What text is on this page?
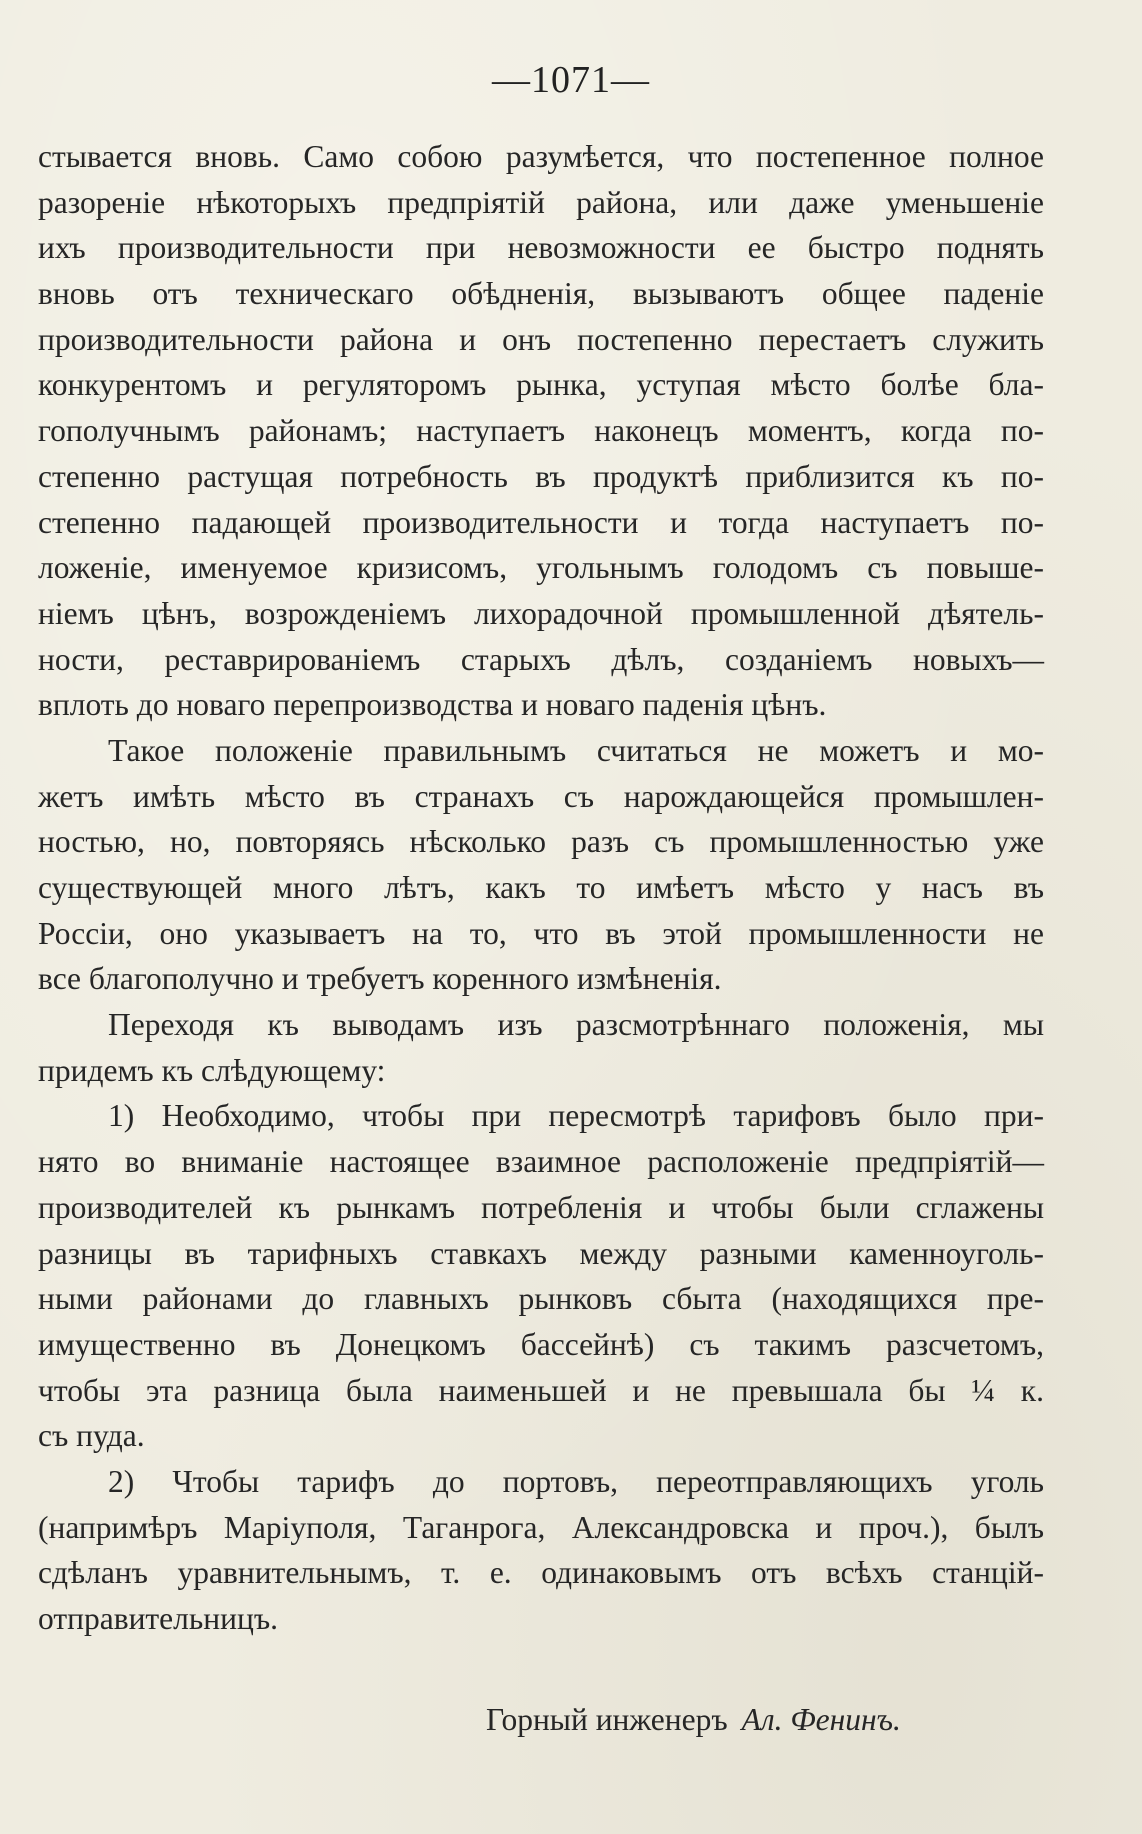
—1071—
стывается вновь. Само собою разумѣется, что постепенное полное
разореніе нѣкоторыхъ предпріятій района, или даже уменьшеніе
ихъ производительности при невозможности ее быстро поднять
вновь отъ техническаго обѣдненія, вызываютъ общее паденіе
производительности района и онъ постепенно перестаетъ служить
конкурентомъ и регуляторомъ рынка, уступая мѣсто болѣе бла-
гополучнымъ районамъ; наступаетъ наконецъ моментъ, когда по-
степенно растущая потребность въ продуктѣ приблизится къ по-
степенно падающей производительности и тогда наступаетъ по-
ложеніе, именуемое кризисомъ, угольнымъ голодомъ съ повыше-
ніемъ цѣнъ, возрожденіемъ лихорадочной промышленной дѣятель-
ности, реставрированіемъ старыхъ дѣлъ, созданіемъ новыхъ—
вплоть до новаго перепроизводства и новаго паденія цѣнъ.
Такое положеніе правильнымъ считаться не можетъ и мо-
жетъ имѣть мѣсто въ странахъ съ нарождающейся промышлен-
ностью, но, повторяясь нѣсколько разъ съ промышленностью уже
существующей много лѣтъ, какъ то имѣетъ мѣсто у насъ въ
Россіи, оно указываетъ на то, что въ этой промышленности не
все благополучно и требуетъ коренного измѣненія.
Переходя къ выводамъ изъ разсмотрѣннаго положенія, мы
придемъ къ слѣдующему:
1) Необходимо, чтобы при пересмотрѣ тарифовъ было при-
нято во вниманіе настоящее взаимное расположеніе предпріятій—
производителей къ рынкамъ потребленія и чтобы были сглажены
разницы въ тарифныхъ ставкахъ между разными каменноуголь-
ными районами до главныхъ рынковъ сбыта (находящихся пре-
имущественно въ Донецкомъ бассейнѣ) съ такимъ разсчетомъ,
чтобы эта разница была наименьшей и не превышала бы ¼ к.
съ пуда.
2) Чтобы тарифъ до портовъ, переотправляющихъ уголь
(напримѣръ Маріуполя, Таганрога, Александровска и проч.), былъ
сдѣланъ уравнительнымъ, т. е. одинаковымъ отъ всѣхъ станцій-
отправительницъ.
Горный инженеръ Ал. Фенинъ.
